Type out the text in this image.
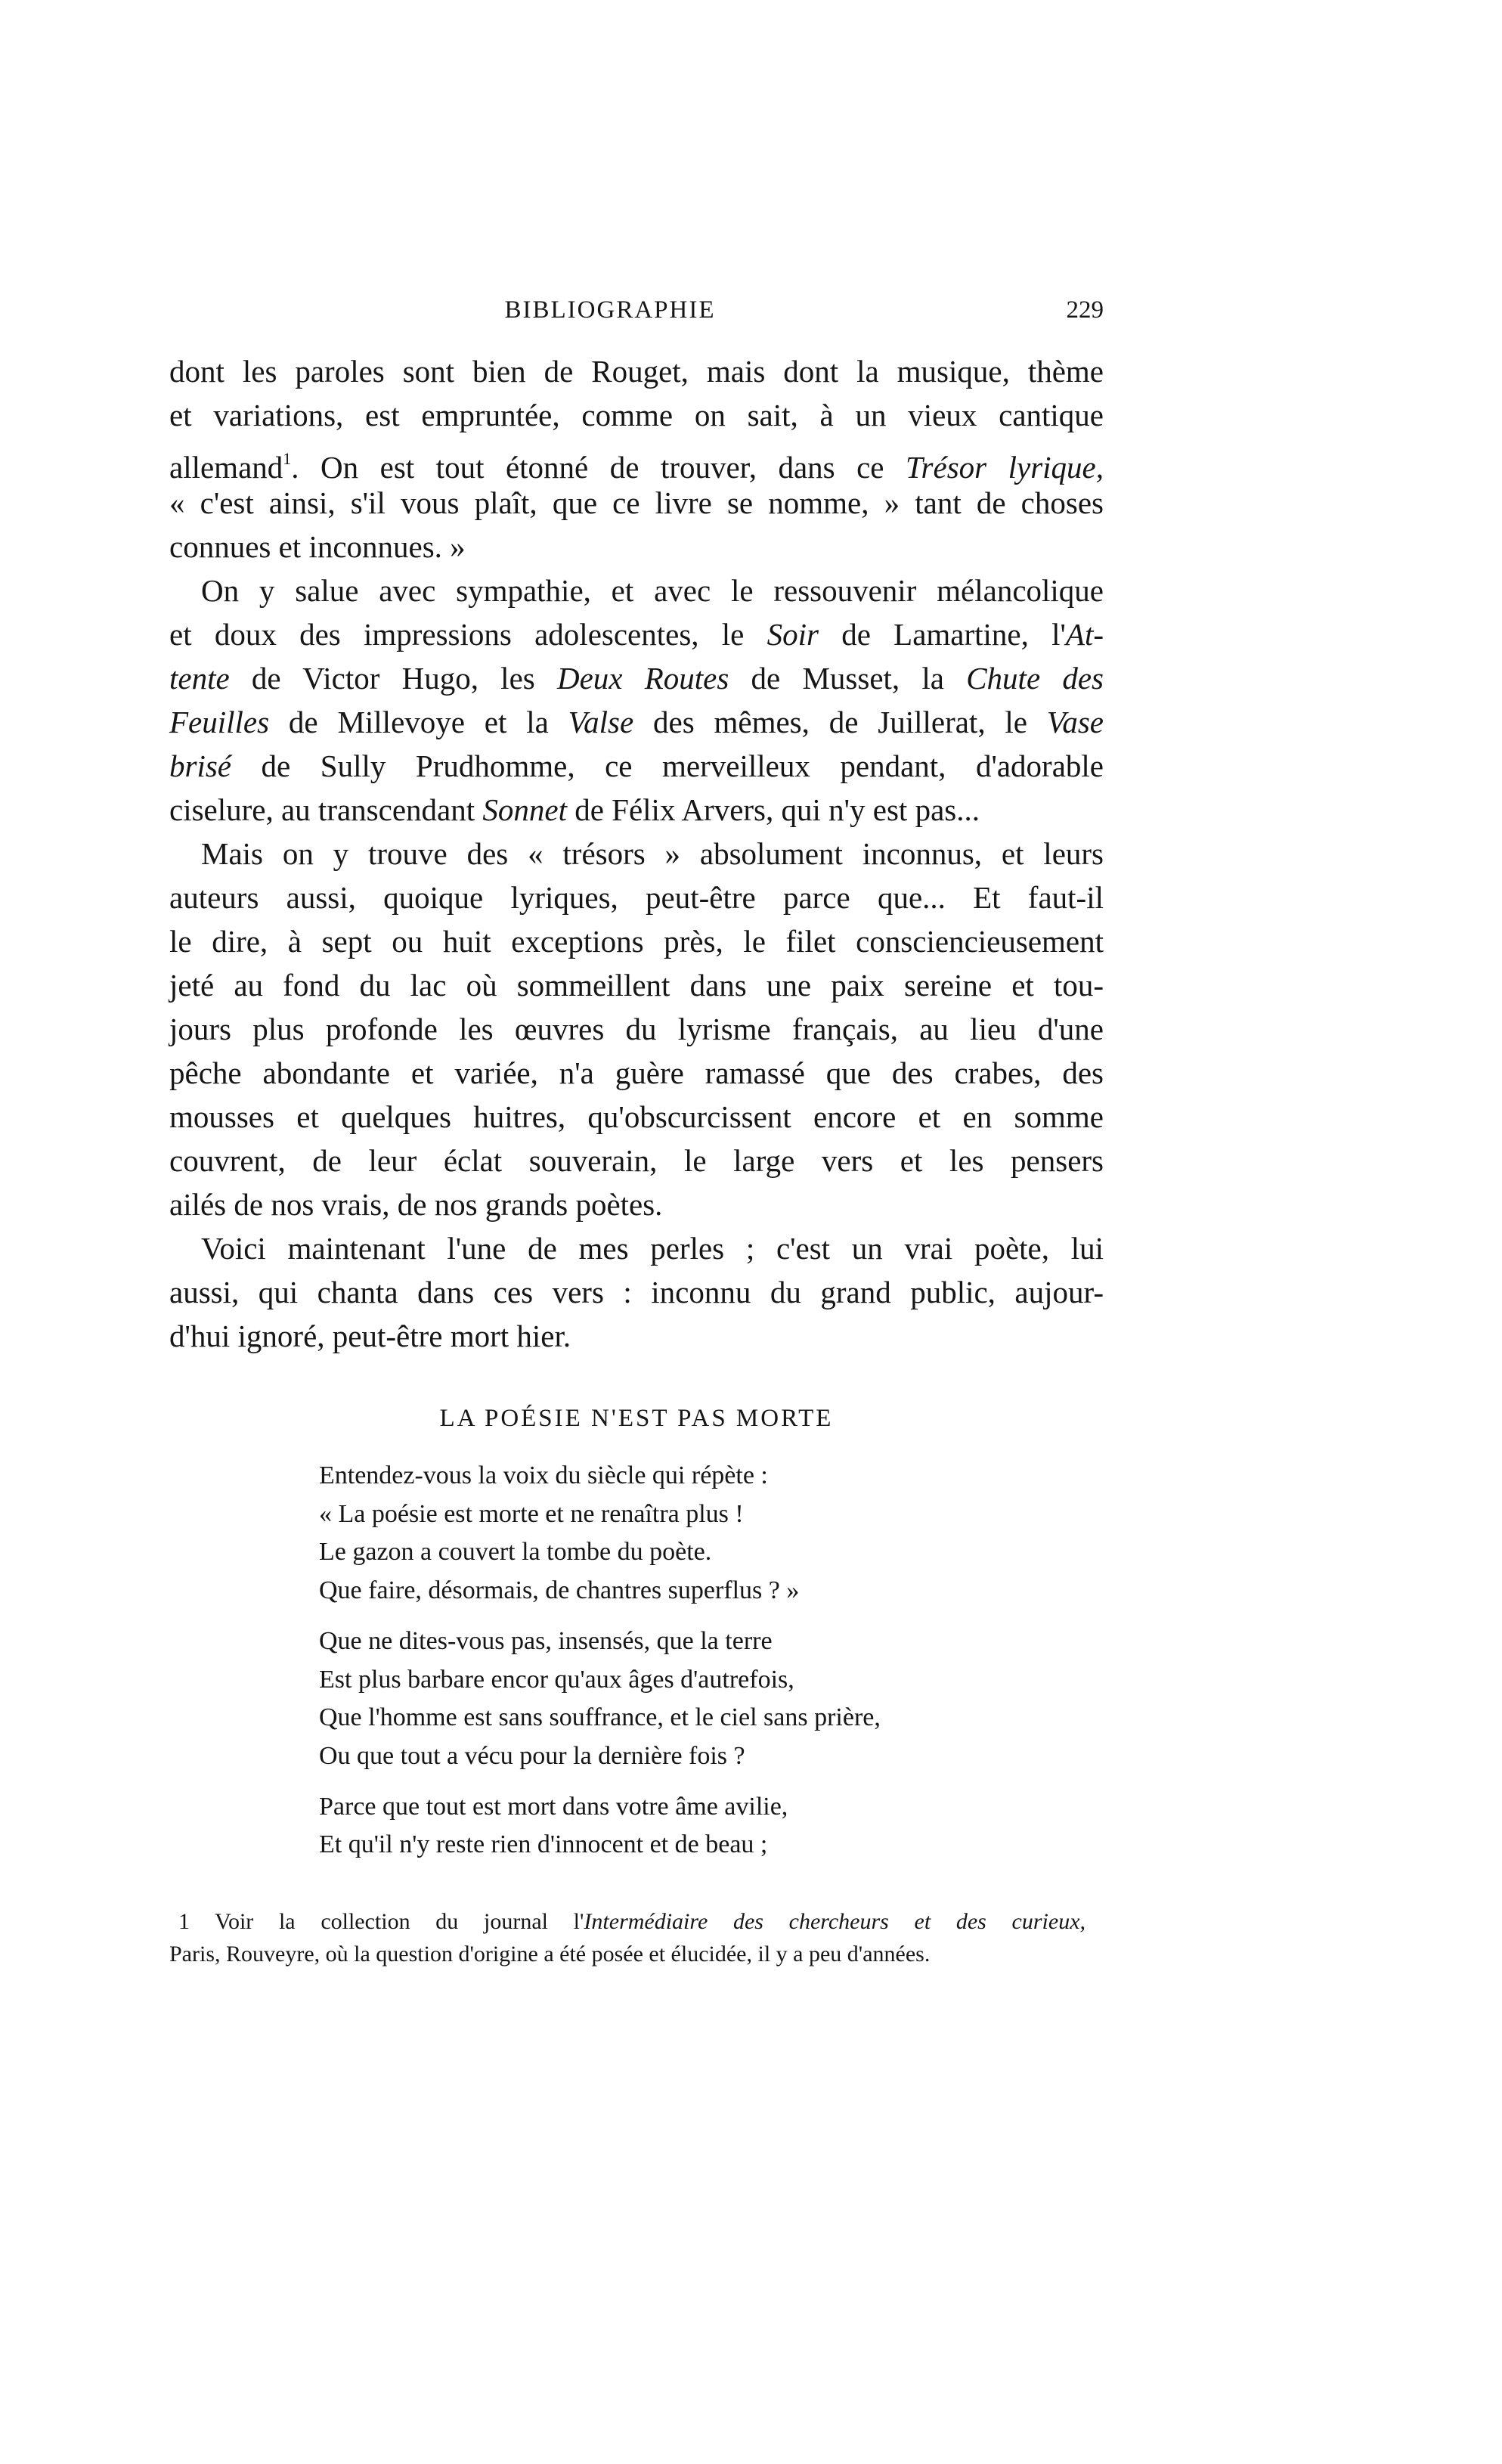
BIBLIOGRAPHIE	229
dont les paroles sont bien de Rouget, mais dont la musique, thème
et variations, est empruntée, comme on sait, à un vieux cantique
allemand$^1$. On est tout étonné de trouver, dans ce Trésor lyrique,
« c'est ainsi, s'il vous plaît, que ce livre se nomme, » tant de choses
connues et inconnues. »
On y salue avec sympathie, et avec le ressouvenir mélancolique
et doux des impressions adolescentes, le Soir de Lamartine, l'At-
tente de Victor Hugo, les Deux Routes de Musset, la Chute des
Feuilles de Millevoye et la Valse des mêmes, de Juillerat, le Vase
brisé de Sully Prudhomme, ce merveilleux pendant, d'adorable
ciselure, au transcendant Sonnet de Félix Arvers, qui n'y est pas...
Mais on y trouve des « trésors » absolument inconnus, et leurs
auteurs aussi, quoique lyriques, peut-être parce que... Et faut-il
le dire, à sept ou huit exceptions près, le filet consciencieusement
jeté au fond du lac où sommeillent dans une paix sereine et tou-
jours plus profonde les œuvres du lyrisme français, au lieu d'une
pêche abondante et variée, n'a guère ramassé que des crabes, des
mousses et quelques huitres, qu'obscurcissent encore et en somme
couvrent, de leur éclat souverain, le large vers et les pensers
ailés de nos vrais, de nos grands poètes.
Voici maintenant l'une de mes perles ; c'est un vrai poète, lui
aussi, qui chanta dans ces vers : inconnu du grand public, aujour-
d'hui ignoré, peut-être mort hier.
LA POÉSIE N'EST PAS MORTE
Entendez-vous la voix du siècle qui répète :
« La poésie est morte et ne renaîtra plus !
Le gazon a couvert la tombe du poète.
Que faire, désormais, de chantres superflus ? »
Que ne dites-vous pas, insensés, que la terre
Est plus barbare encor qu'aux âges d'autrefois,
Que l'homme est sans souffrance, et le ciel sans prière,
Ou que tout a vécu pour la dernière fois ?
Parce que tout est mort dans votre âme avilie,
Et qu'il n'y reste rien d'innocent et de beau ;
1 Voir la collection du journal l'Intermédiaire des chercheurs et des curieux,
Paris, Rouveyre, où la question d'origine a été posée et élucidée, il y a peu d'années.
